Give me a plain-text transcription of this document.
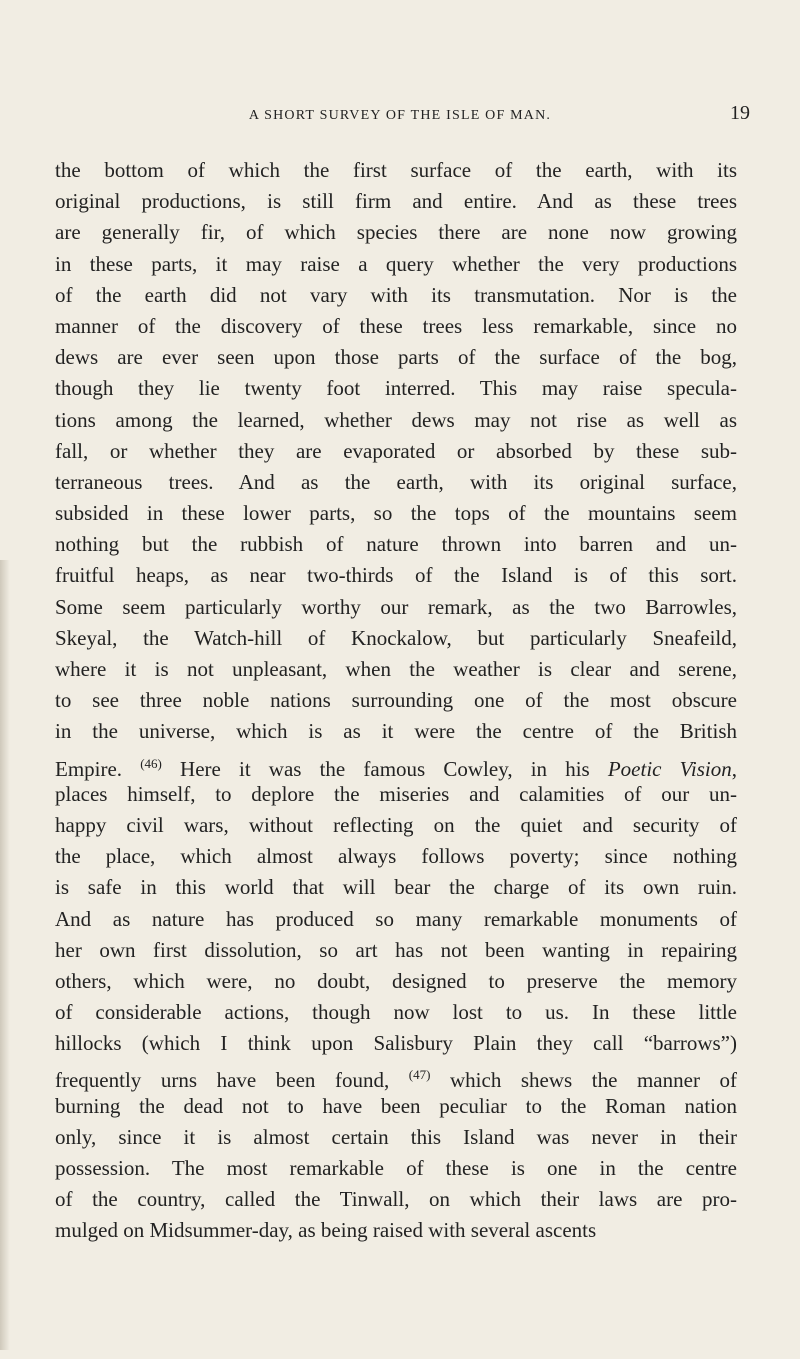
A SHORT SURVEY OF THE ISLE OF MAN.	19
the bottom of which the first surface of the earth, with its
original productions, is still firm and entire. And as these trees
are generally fir, of which species there are none now growing
in these parts, it may raise a query whether the very productions
of the earth did not vary with its transmutation. Nor is the
manner of the discovery of these trees less remarkable, since no
dews are ever seen upon those parts of the surface of the bog,
though they lie twenty foot interred. This may raise specula-
tions among the learned, whether dews may not rise as well as
fall, or whether they are evaporated or absorbed by these sub-
terraneous trees. And as the earth, with its original surface,
subsided in these lower parts, so the tops of the mountains seem
nothing but the rubbish of nature thrown into barren and un-
fruitful heaps, as near two-thirds of the Island is of this sort.
Some seem particularly worthy our remark, as the two Barrowles,
Skeyal, the Watch-hill of Knockalow, but particularly Sneafeild,
where it is not unpleasant, when the weather is clear and serene,
to see three noble nations surrounding one of the most obscure
in the universe, which is as it were the centre of the British
Empire. $^{(46)}$ Here it was the famous Cowley, in his Poetic Vision,
places himself, to deplore the miseries and calamities of our un-
happy civil wars, without reflecting on the quiet and security of
the place, which almost always follows poverty; since nothing
is safe in this world that will bear the charge of its own ruin.
And as nature has produced so many remarkable monuments of
her own first dissolution, so art has not been wanting in repairing
others, which were, no doubt, designed to preserve the memory
of considerable actions, though now lost to us. In these little
hillocks (which I think upon Salisbury Plain they call “barrows”)
frequently urns have been found, $^{(47)}$ which shews the manner of
burning the dead not to have been peculiar to the Roman nation
only, since it is almost certain this Island was never in their
possession. The most remarkable of these is one in the centre
of the country, called the Tinwall, on which their laws are pro-
mulged on Midsummer-day, as being raised with several ascents
